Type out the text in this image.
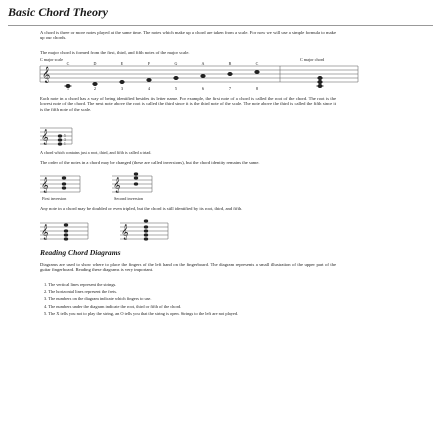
Basic Chord Theory

A chord is three or more notes played at the same time. The notes which make up a chord are taken from a scale. For now we will use a simple formula to make up our chords.

The major chord is formed from the first, third, and fifth notes of the major scale.

C major scale	C major chord
𝄞
C	D	E	F	G	A	B	C
1	2	3	4	5	6	7	8

Each note in a chord has a way of being identified besides its letter name. For example, the first note of a chord is called the root of the chord. The root is the lowest note of the chord. The next note above the root is called the third since it is the third note of the scale. The note above the third is called the fifth since it is the fifth note of the scale.

𝄞	5
3
1
A chord which contains just a root, third, and fifth is called a triad.

The order of the notes in a chord may be changed (these are called inversions), but the chord identity remains the same.

𝄞
First inversion
𝄞
Second inversion

Any note in a chord may be doubled or even tripled, but the chord is still identified by its root, third, and fifth.

𝄞	𝄞
Reading Chord Diagrams

Diagrams are used to show where to place the fingers of the left hand on the fingerboard. The diagram represents a small illustration of the upper part of the guitar fingerboard. Reading these diagrams is very important.

1. The vertical lines represent the strings.
2. The horizontal lines represent the frets.
3. The numbers on the diagram indicate which fingers to use.
4. The numbers under the diagram indicate the root, third or fifth of the chord.
5. The X tells you not to play the string, an O tells you that the string is open. Strings to the left are not played.
